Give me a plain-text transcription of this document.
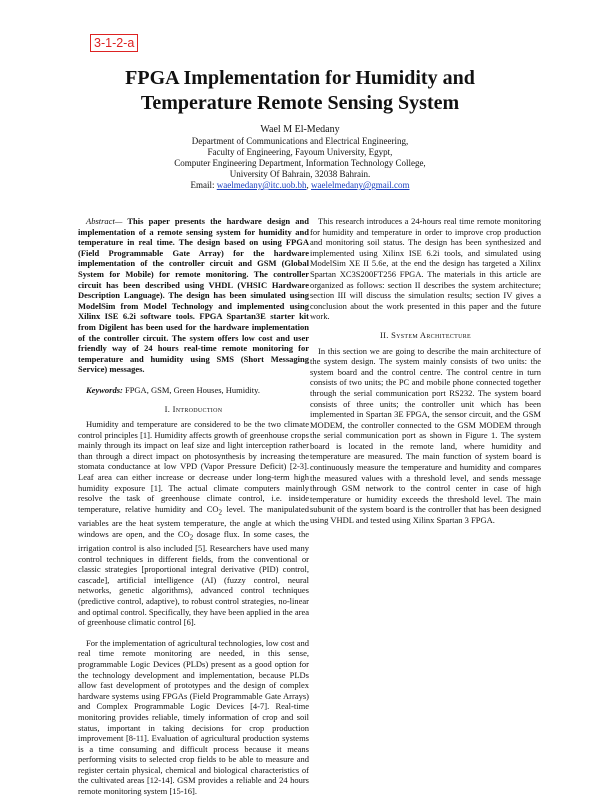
3-1-2-a
FPGA Implementation for Humidity and
Temperature Remote Sensing System
Wael M El-Medany
Department of Communications and Electrical Engineering,
Faculty of Engineering, Fayoum University, Egypt,
Computer Engineering Department, Information Technology College,
University Of Bahrain, 32038 Bahrain.
Email: waelmedany@itc.uob.bh, waelelmedany@gmail.com

Abstract— This paper presents the hardware design and implementation of a remote sensing system for humidity and temperature in real time. The design based on using FPGA (Field Programmable Gate Array) for the hardware implementation of the controller circuit and GSM (Global System for Mobile) for remote monitoring. The controller circuit has been described using VHDL (VHSIC Hardware Description Language). The design has been simulated using ModelSim from Model Technology and implemented using Xilinx ISE 6.2i software tools. FPGA Spartan3E starter kit from Digilent has been used for the hardware implementation of the controller circuit. The system offers low cost and user friendly way of 24 hours real-time remote monitoring for temperature and humidity using SMS (Short Messaging Service) messages.

Keywords: FPGA, GSM, Green Houses, Humidity.

I. Introduction

Humidity and temperature are considered to be the two climate control principles [1]. Humidity affects growth of greenhouse crops mainly through its impact on leaf size and light interception rather than through a direct impact on photosynthesis by increasing the stomata conductance at low VPD (Vapor Pressure Deficit) [2-3]. Leaf area can either increase or decrease under long-term high humidity exposure [1]. The actual climate computers mainly resolve the task of greenhouse climate control, i.e. inside temperature, relative humidity and $CO_2$ level. The manipulated variables are the heat system temperature, the angle at which the windows are open, and the $CO_2$ dosage flux. In some cases, the irrigation control is also included [5]. Researchers have used many control techniques in different fields, from the conventional or classic strategies [proportional integral derivative (PID) control, cascade], artificial intelligence (AI) (fuzzy control, neural networks, genetic algorithms), advanced control techniques (predictive control, adaptive), to robust control strategies, no-linear and optimal control. Specifically, they have been applied in the area of greenhouse climatic control [6].

For the implementation of agricultural technologies, low cost and real time remote monitoring are needed, in this sense, programmable Logic Devices (PLDs) present as a good option for the technology development and implementation, because PLDs allow fast development of prototypes and the design of complex hardware systems using FPGAs (Field Programmable Gate Arrays) and Complex Programmable Logic Devices [4-7]. Real-time monitoring provides reliable, timely information of crop and soil status, important in taking decisions for crop production improvement [8-11]. Evaluation of agricultural production systems is a time consuming and difficult process because it means performing visits to selected crop fields to be able to measure and register certain physical, chemical and biological characteristics of the cultivated areas [12-14]. GSM provides a reliable and 24 hours remote monitoring system [15-16].

This research introduces a 24-hours real time remote monitoring for humidity and temperature in order to improve crop production and monitoring soil status. The design has been synthesized and implemented using Xilinx ISE 6.2i tools, and simulated using ModelSim XE II 5.6e, at the end the design has targeted a Xilinx Spartan XC3S200FT256 FPGA. The materials in this article are organized as follows: section II describes the system architecture; section III will discuss the simulation results; section IV gives a conclusion about the work presented in this paper and the future work.

II. System Architecture

In this section we are going to describe the main architecture of the system design. The system mainly consists of two units: the system board and the control centre. The control centre in turn consists of two units; the PC and mobile phone connected together through the serial communication port RS232. The system board consists of three units; the controller unit which has been implemented in Spartan 3E FPGA, the sensor circuit, and the GSM MODEM, the controller connected to the GSM MODEM through the serial communication port as shown in Figure 1. The system board is located in the remote land, where humidity and temperature are measured. The main function of system board is continuously measure the temperature and humidity and compares the measured values with a threshold level, and sends message through GSM network to the control center in case of high temperature or humidity exceeds the threshold level. The main subunit of the system board is the controller that has been designed using VHDL and tested using Xilinx Spartan 3 FPGA.
